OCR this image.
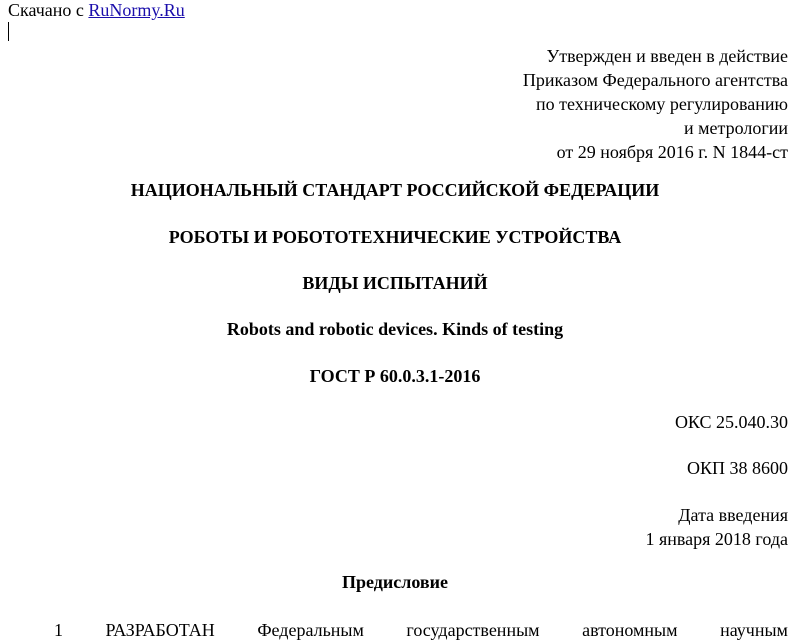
Скачано с RuNormy.Ru
Утвержден и введен в действие
Приказом Федерального агентства
по техническому регулированию
и метрологии
от 29 ноября 2016 г. N 1844-ст
НАЦИОНАЛЬНЫЙ СТАНДАРТ РОССИЙСКОЙ ФЕДЕРАЦИИ
РОБОТЫ И РОБОТОТЕХНИЧЕСКИЕ УСТРОЙСТВА
ВИДЫ ИСПЫТАНИЙ
Robots and robotic devices. Kinds of testing
ГОСТ Р 60.0.3.1-2016
ОКС 25.040.30
ОКП 38 8600
Дата введения
1 января 2018 года
Предисловие
1 РАЗРАБОТАН Федеральным государственным автономным научным
